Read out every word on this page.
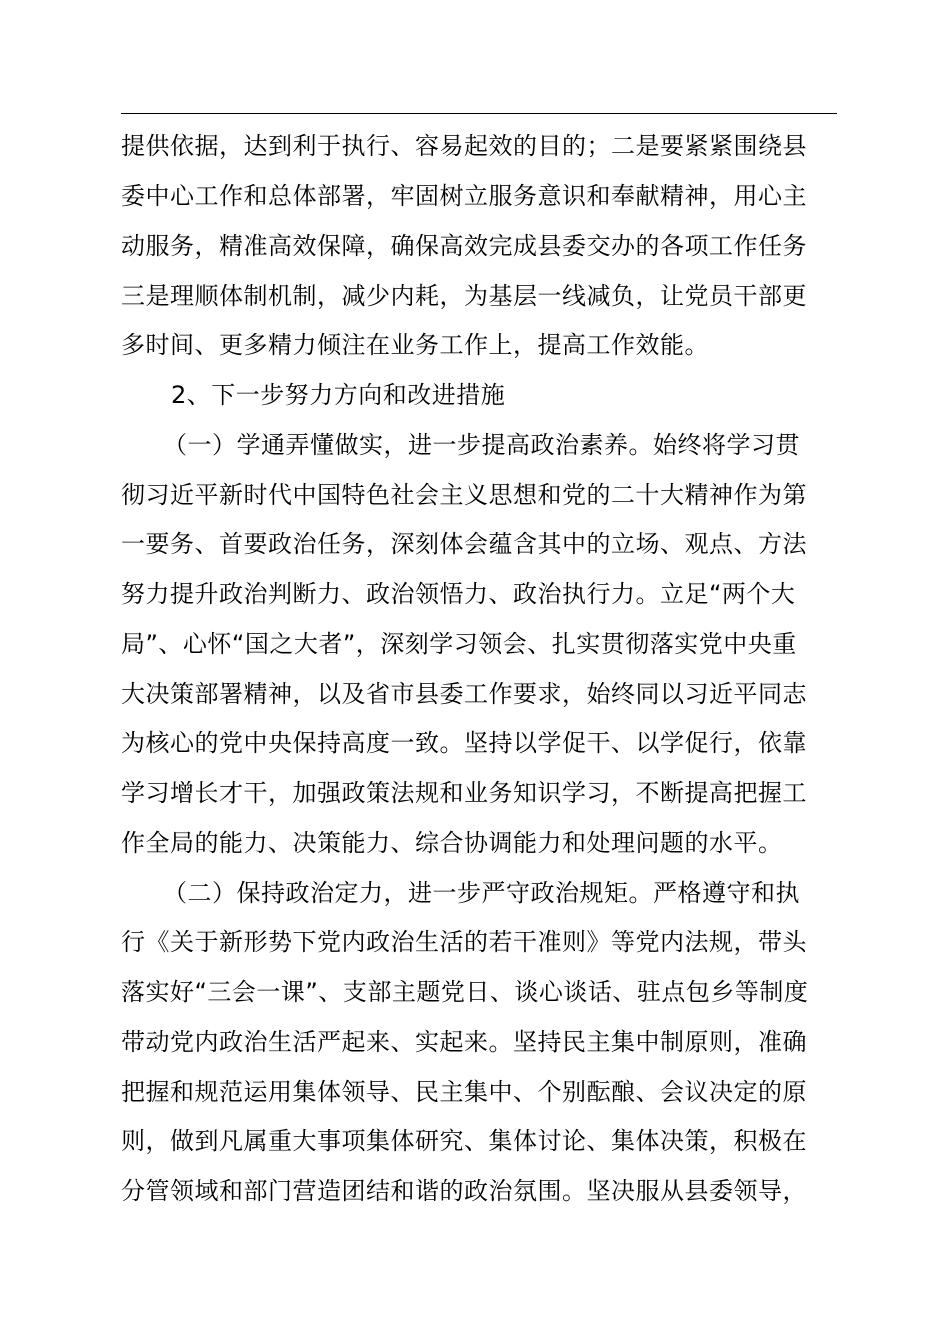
提供依据，达到利于执行、容易起效的目的；二是要紧紧围绕县
委中心工作和总体部署，牢固树立服务意识和奉献精神，用心主
动服务，精准高效保障，确保高效完成县委交办的各项工作任务
三是理顺体制机制，减少内耗，为基层一线减负，让党员干部更
多时间、更多精力倾注在业务工作上，提高工作效能。
2、下一步努力方向和改进措施
（一）学通弄懂做实，进一步提高政治素养。始终将学习贯
彻习近平新时代中国特色社会主义思想和党的二十大精神作为第
一要务、首要政治任务，深刻体会蕴含其中的立场、观点、方法
努力提升政治判断力、政治领悟力、政治执行力。立足“两个大
局”、心怀“国之大者”，深刻学习领会、扎实贯彻落实党中央重
大决策部署精神，以及省市县委工作要求，始终同以习近平同志
为核心的党中央保持高度一致。坚持以学促干、以学促行，依靠
学习增长才干，加强政策法规和业务知识学习，不断提高把握工
作全局的能力、决策能力、综合协调能力和处理问题的水平。
（二）保持政治定力，进一步严守政治规矩。严格遵守和执
行《关于新形势下党内政治生活的若干准则》等党内法规，带头
落实好“三会一课”、支部主题党日、谈心谈话、驻点包乡等制度
带动党内政治生活严起来、实起来。坚持民主集中制原则，准确
把握和规范运用集体领导、民主集中、个别酝酿、会议决定的原
则，做到凡属重大事项集体研究、集体讨论、集体决策，积极在
分管领域和部门营造团结和谐的政治氛围。坚决服从县委领导，
